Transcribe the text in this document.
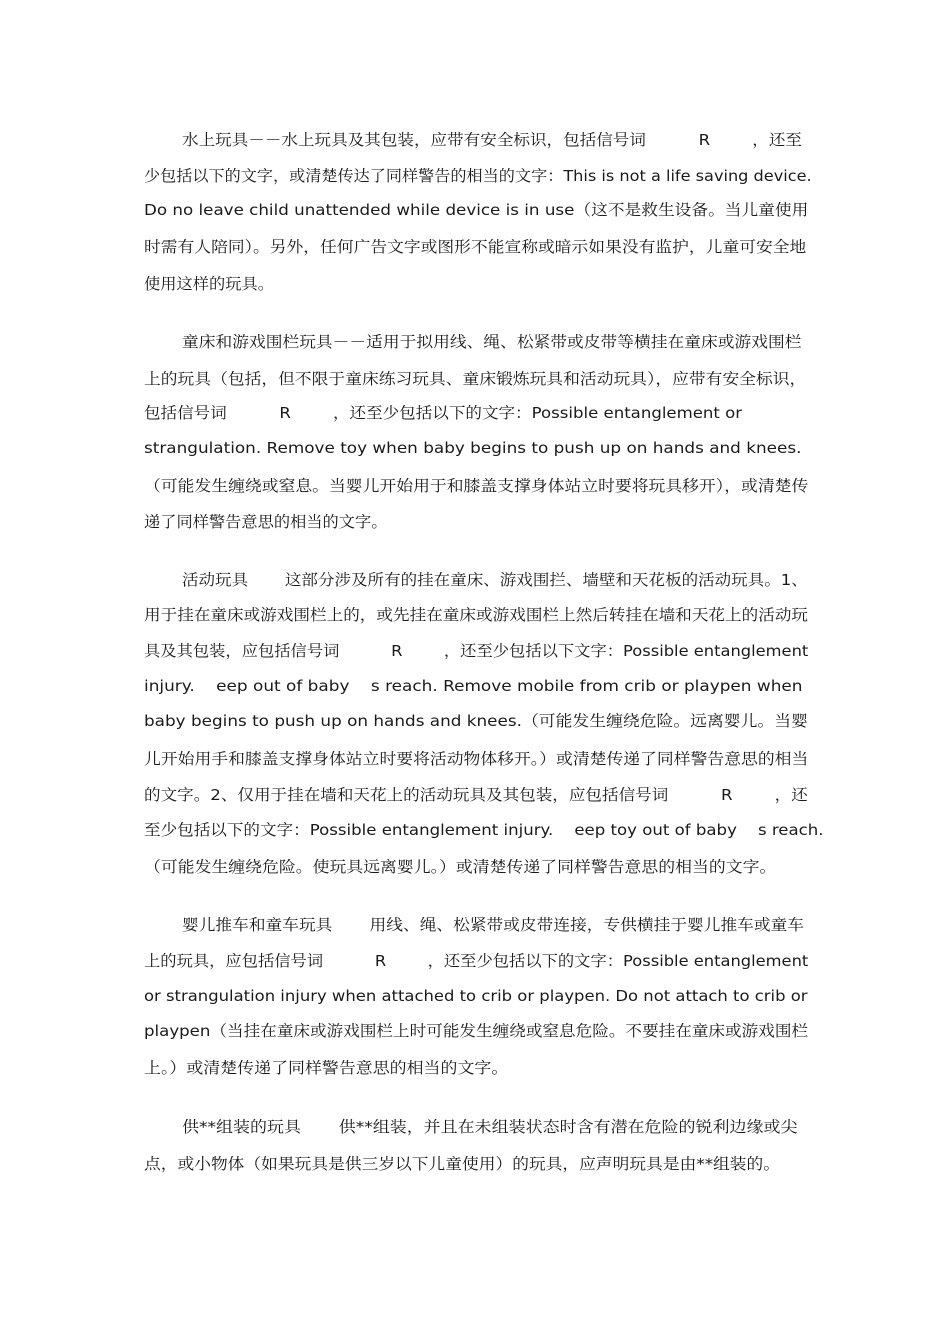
水上玩具－－水上玩具及其包装，应带有安全标识，包括信号词          R        ，还至
少包括以下的文字，或清楚传达了同样警告的相当的文字：This is not a life saving device.
Do no leave child unattended while device is in use（这不是救生设备。当儿童使用
时需有人陪同）。另外，任何广告文字或图形不能宣称或暗示如果没有监护，儿童可安全地
使用这样的玩具。
童床和游戏围栏玩具－－适用于拟用线、绳、松紧带或皮带等横挂在童床或游戏围栏
上的玩具（包括，但不限于童床练习玩具、童床锻炼玩具和活动玩具），应带有安全标识，
包括信号词          R        ，还至少包括以下的文字：Possible entanglement or
strangulation. Remove toy when baby begins to push up on hands and knees.
（可能发生缠绕或窒息。当婴儿开始用于和膝盖支撑身体站立时要将玩具移开），或清楚传
递了同样警告意思的相当的文字。
活动玩具       这部分涉及所有的挂在童床、游戏围拦、墙壁和天花板的活动玩具。1、
用于挂在童床或游戏围栏上的，或先挂在童床或游戏围栏上然后转挂在墙和天花上的活动玩
具及其包装，应包括信号词          R        ，还至少包括以下文字：Possible entanglement
injury.    eep out of baby    s reach. Remove mobile from crib or playpen when
baby begins to push up on hands and knees.（可能发生缠绕危险。远离婴儿。当婴
儿开始用手和膝盖支撑身体站立时要将活动物体移开。）或清楚传递了同样警告意思的相当
的文字。2、仅用于挂在墙和天花上的活动玩具及其包装，应包括信号词          R        ，还
至少包括以下的文字：Possible entanglement injury.    eep toy out of baby    s reach.
（可能发生缠绕危险。使玩具远离婴儿。）或清楚传递了同样警告意思的相当的文字。
婴儿推车和童车玩具       用线、绳、松紧带或皮带连接，专供横挂于婴儿推车或童车
上的玩具，应包括信号词          R        ，还至少包括以下的文字：Possible entanglement
or strangulation injury when attached to crib or playpen. Do not attach to crib or
playpen（当挂在童床或游戏围栏上时可能发生缠绕或窒息危险。不要挂在童床或游戏围栏
上。）或清楚传递了同样警告意思的相当的文字。
供**组装的玩具       供**组装，并且在未组装状态时含有潜在危险的锐利边缘或尖
点，或小物体（如果玩具是供三岁以下儿童使用）的玩具，应声明玩具是由**组装的。
